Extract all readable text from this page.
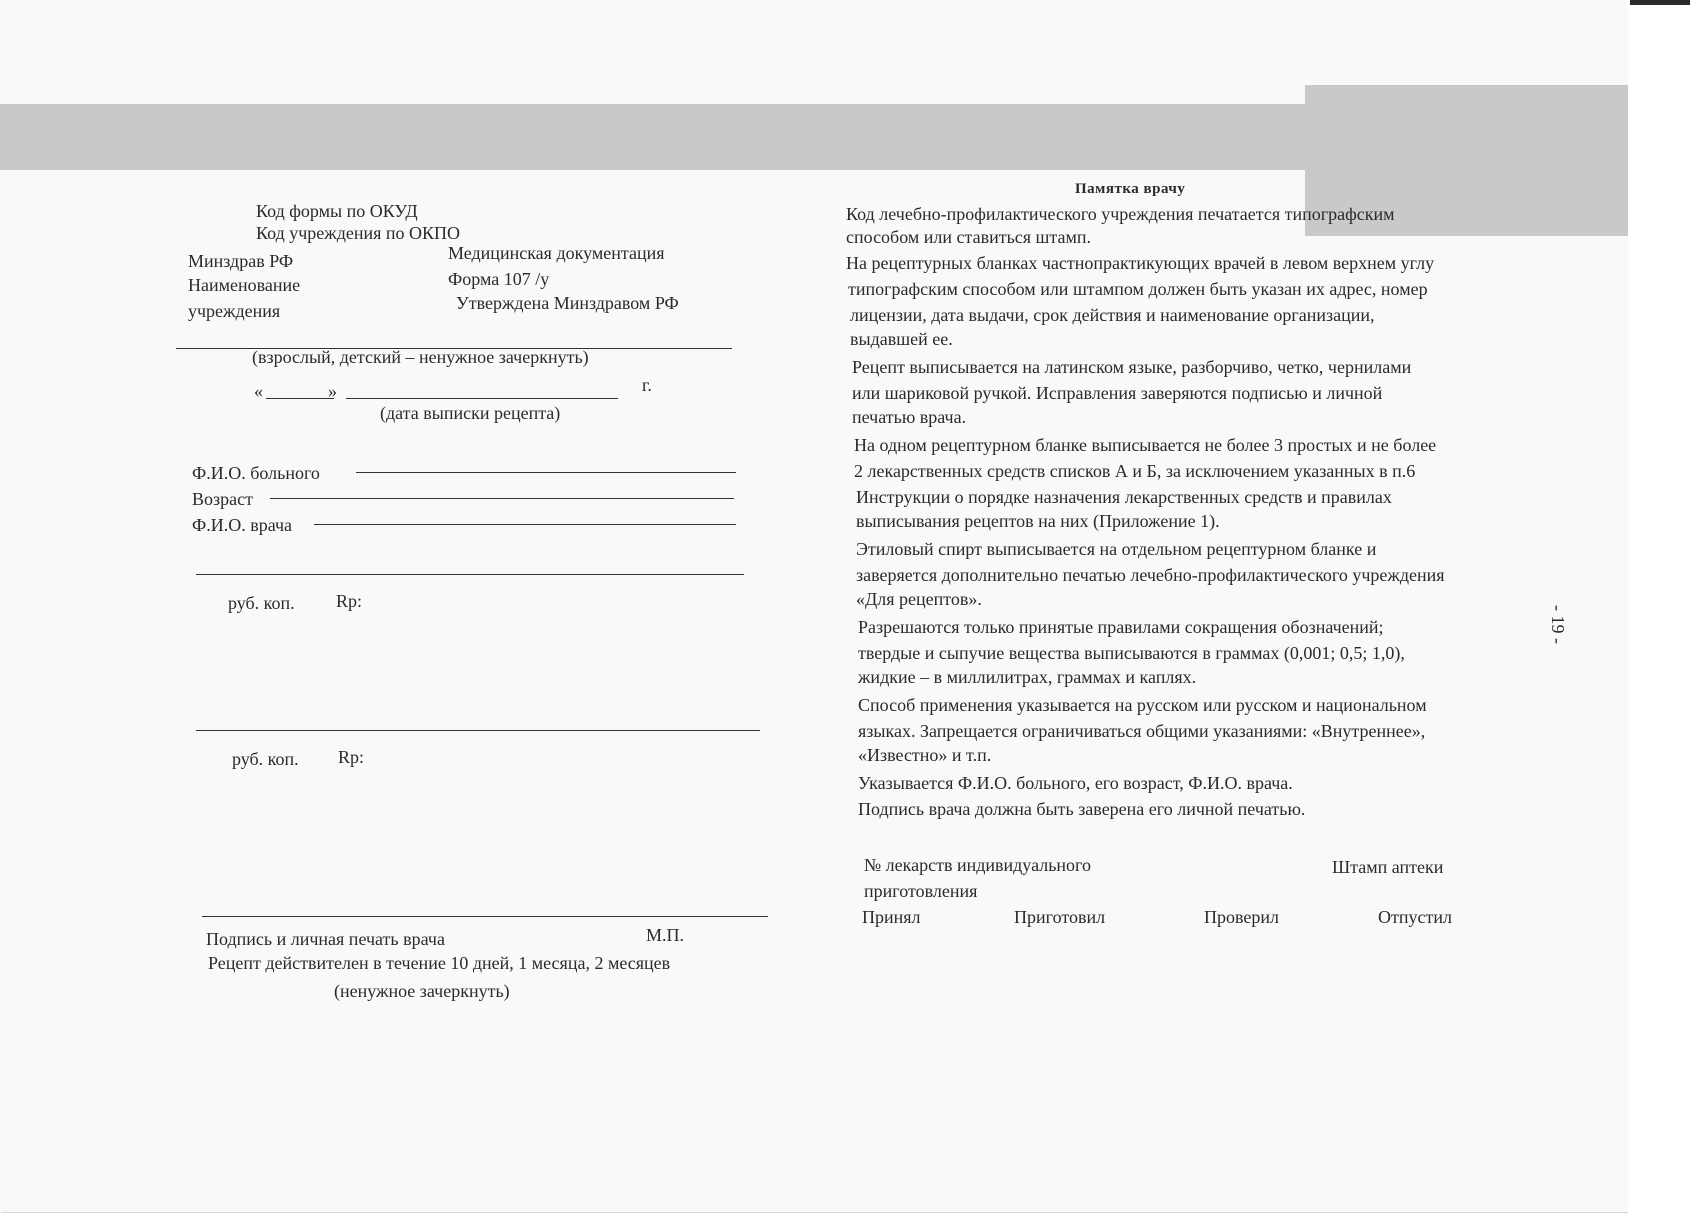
Код формы по ОКУД
Код учреждения по ОКПО
Минздрав РФ	Медицинская документация
Наименование	Форма 107 /у
учреждения	Утверждена Минздравом РФ
(взрослый, детский – ненужное зачеркнуть)
«	»	г.
(дата выписки рецепта)
Ф.И.О. больного
Возраст
Ф.И.О. врача
руб. коп. Rp:
руб. коп. Rp:
Подпись и личная печать врача	М.П.
Рецепт действителен в течение 10 дней, 1 месяца, 2 месяцев
(ненужное зачеркнуть)
Памятка врачу
Код лечебно-профилактического учреждения печатается типографским
способом или ставиться штамп.
На рецептурных бланках частнопрактикующих врачей в левом верхнем углу
типографским способом или штампом должен быть указан их адрес, номер
лицензии, дата выдачи, срок действия и наименование организации,
выдавшей ее.
Рецепт выписывается на латинском языке, разборчиво, четко, чернилами
или шариковой ручкой. Исправления заверяются подписью и личной
печатью врача.
На одном рецептурном бланке выписывается не более 3 простых и не более
2 лекарственных средств списков А и Б, за исключением указанных в п.6
Инструкции о порядке назначения лекарственных средств и правилах
выписывания рецептов на них (Приложение 1).
Этиловый спирт выписывается на отдельном рецептурном бланке и
заверяется дополнительно печатью лечебно-профилактического учреждения
«Для рецептов».
Разрешаются только принятые правилами сокращения обозначений;
твердые и сыпучие вещества выписываются в граммах (0,001; 0,5; 1,0),
жидкие – в миллилитрах, граммах и каплях.
Способ применения указывается на русском или русском и национальном
языках. Запрещается ограничиваться общими указаниями: «Внутреннее»,
«Известно» и т.п.
Указывается Ф.И.О. больного, его возраст, Ф.И.О. врача.
Подпись врача должна быть заверена его личной печатью.
№ лекарств индивидуального
приготовления
Штамп аптеки
Принял	Приготовил	Проверил	Отпустил
- 19 -
